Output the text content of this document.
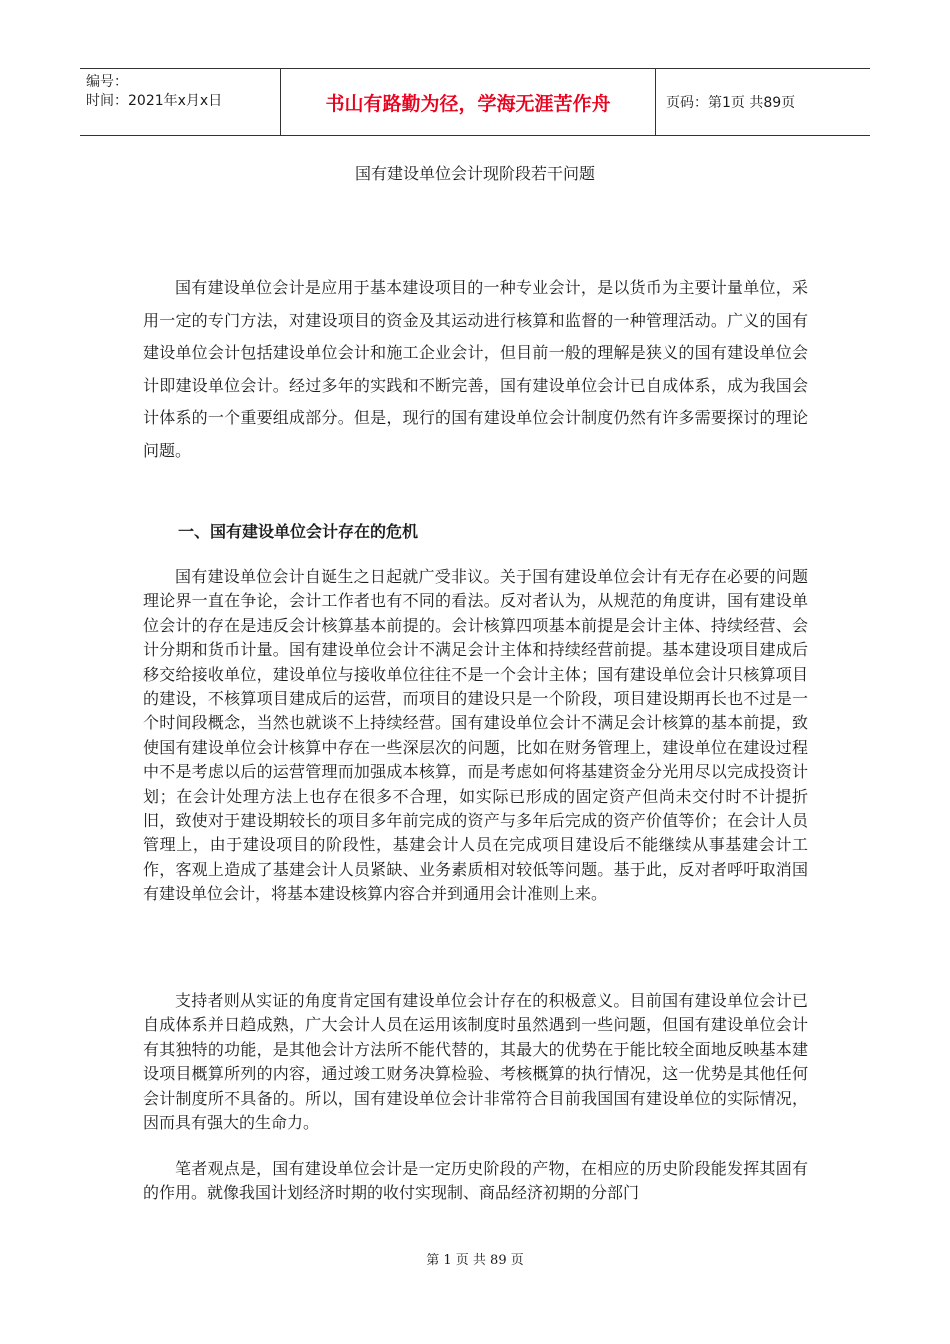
编号：
时间：2021年x月x日	书山有路勤为径，学海无涯苦作舟	页码：第1页 共89页
国有建设单位会计现阶段若干问题

国有建设单位会计是应用于基本建设项目的一种专业会计，是以货币为主要计量单位，采用一定的专门方法，对建设项目的资金及其运动进行核算和监督的一种管理活动。广义的国有建设单位会计包括建设单位会计和施工企业会计，但目前一般的理解是狭义的国有建设单位会计即建设单位会计。经过多年的实践和不断完善，国有建设单位会计已自成体系，成为我国会计体系的一个重要组成部分。但是，现行的国有建设单位会计制度仍然有许多需要探讨的理论问题。

一、国有建设单位会计存在的危机

国有建设单位会计自诞生之日起就广受非议。关于国有建设单位会计有无存在必要的问题理论界一直在争论，会计工作者也有不同的看法。反对者认为，从规范的角度讲，国有建设单位会计的存在是违反会计核算基本前提的。会计核算四项基本前提是会计主体、持续经营、会计分期和货币计量。国有建设单位会计不满足会计主体和持续经营前提。基本建设项目建成后移交给接收单位，建设单位与接收单位往往不是一个会计主体；国有建设单位会计只核算项目的建设，不核算项目建成后的运营，而项目的建设只是一个阶段，项目建设期再长也不过是一个时间段概念，当然也就谈不上持续经营。国有建设单位会计不满足会计核算的基本前提，致使国有建设单位会计核算中存在一些深层次的问题，比如在财务管理上，建设单位在建设过程中不是考虑以后的运营管理而加强成本核算，而是考虑如何将基建资金分光用尽以完成投资计划；在会计处理方法上也存在很多不合理，如实际已形成的固定资产但尚未交付时不计提折旧，致使对于建设期较长的项目多年前完成的资产与多年后完成的资产价值等价；在会计人员管理上，由于建设项目的阶段性，基建会计人员在完成项目建设后不能继续从事基建会计工作，客观上造成了基建会计人员紧缺、业务素质相对较低等问题。基于此，反对者呼吁取消国有建设单位会计，将基本建设核算内容合并到通用会计准则上来。

支持者则从实证的角度肯定国有建设单位会计存在的积极意义。目前国有建设单位会计已自成体系并日趋成熟，广大会计人员在运用该制度时虽然遇到一些问题，但国有建设单位会计有其独特的功能，是其他会计方法所不能代替的，其最大的优势在于能比较全面地反映基本建设项目概算所列的内容，通过竣工财务决算检验、考核概算的执行情况，这一优势是其他任何会计制度所不具备的。所以，国有建设单位会计非常符合目前我国国有建设单位的实际情况，因而具有强大的生命力。

笔者观点是，国有建设单位会计是一定历史阶段的产物，在相应的历史阶段能发挥其固有的作用。就像我国计划经济时期的收付实现制、商品经济初期的分部门

第 1 页 共 89 页
